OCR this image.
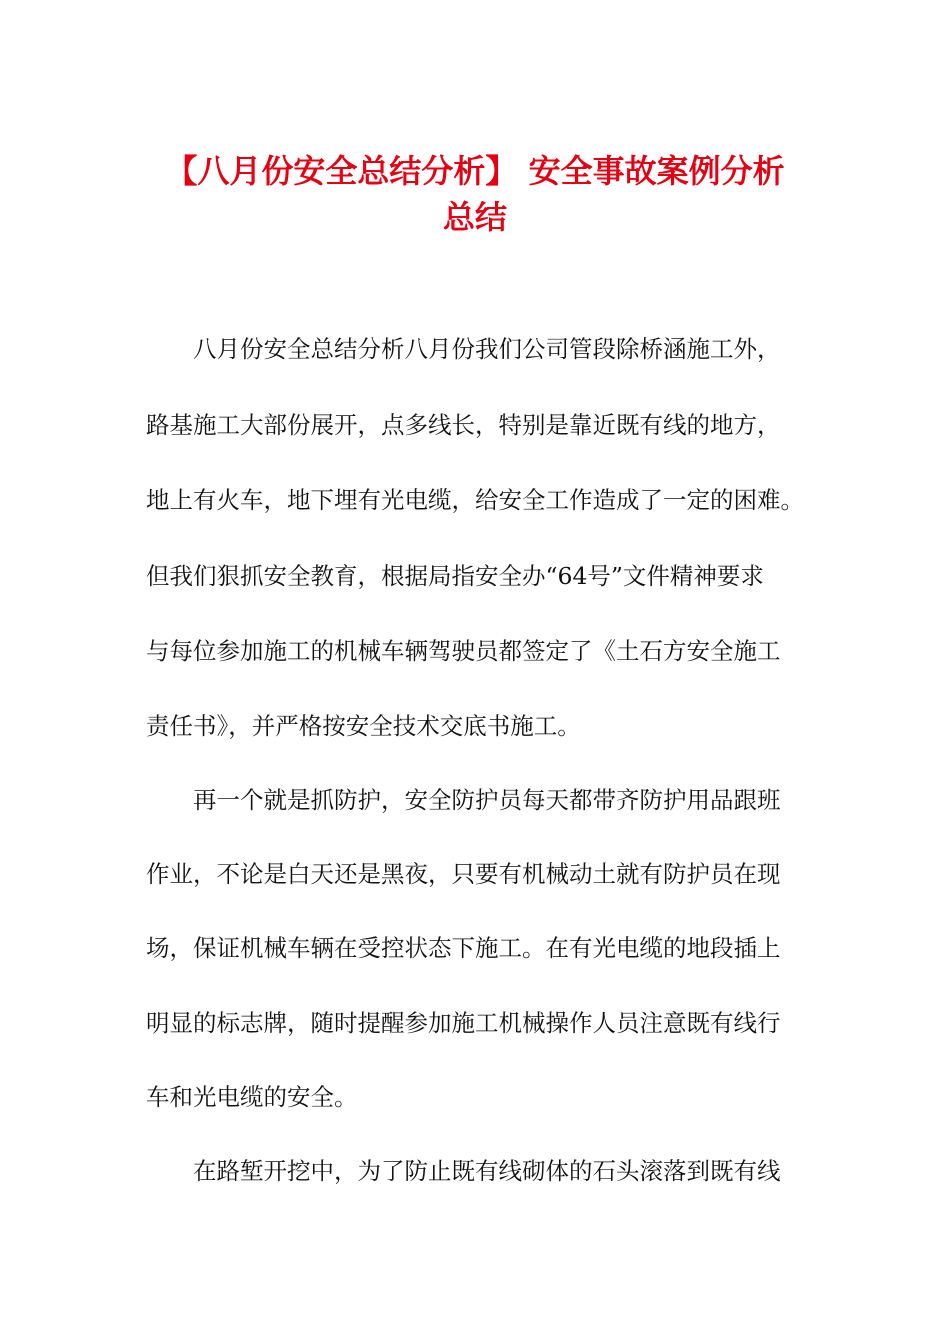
【八月份安全总结分析】 安全事故案例分析
总结

八月份安全总结分析八月份我们公司管段除桥涵施工外，

路基施工大部份展开，点多线长，特别是靠近既有线的地方，

地上有火车，地下埋有光电缆，给安全工作造成了一定的困难。

但我们狠抓安全教育，根据局指安全办“64号”文件精神要求

与每位参加施工的机械车辆驾驶员都签定了《土石方安全施工

责任书》，并严格按安全技术交底书施工。

再一个就是抓防护，安全防护员每天都带齐防护用品跟班

作业，不论是白天还是黑夜，只要有机械动土就有防护员在现

场，保证机械车辆在受控状态下施工。在有光电缆的地段插上

明显的标志牌，随时提醒参加施工机械操作人员注意既有线行

车和光电缆的安全。

在路堑开挖中，为了防止既有线砌体的石头滚落到既有线
